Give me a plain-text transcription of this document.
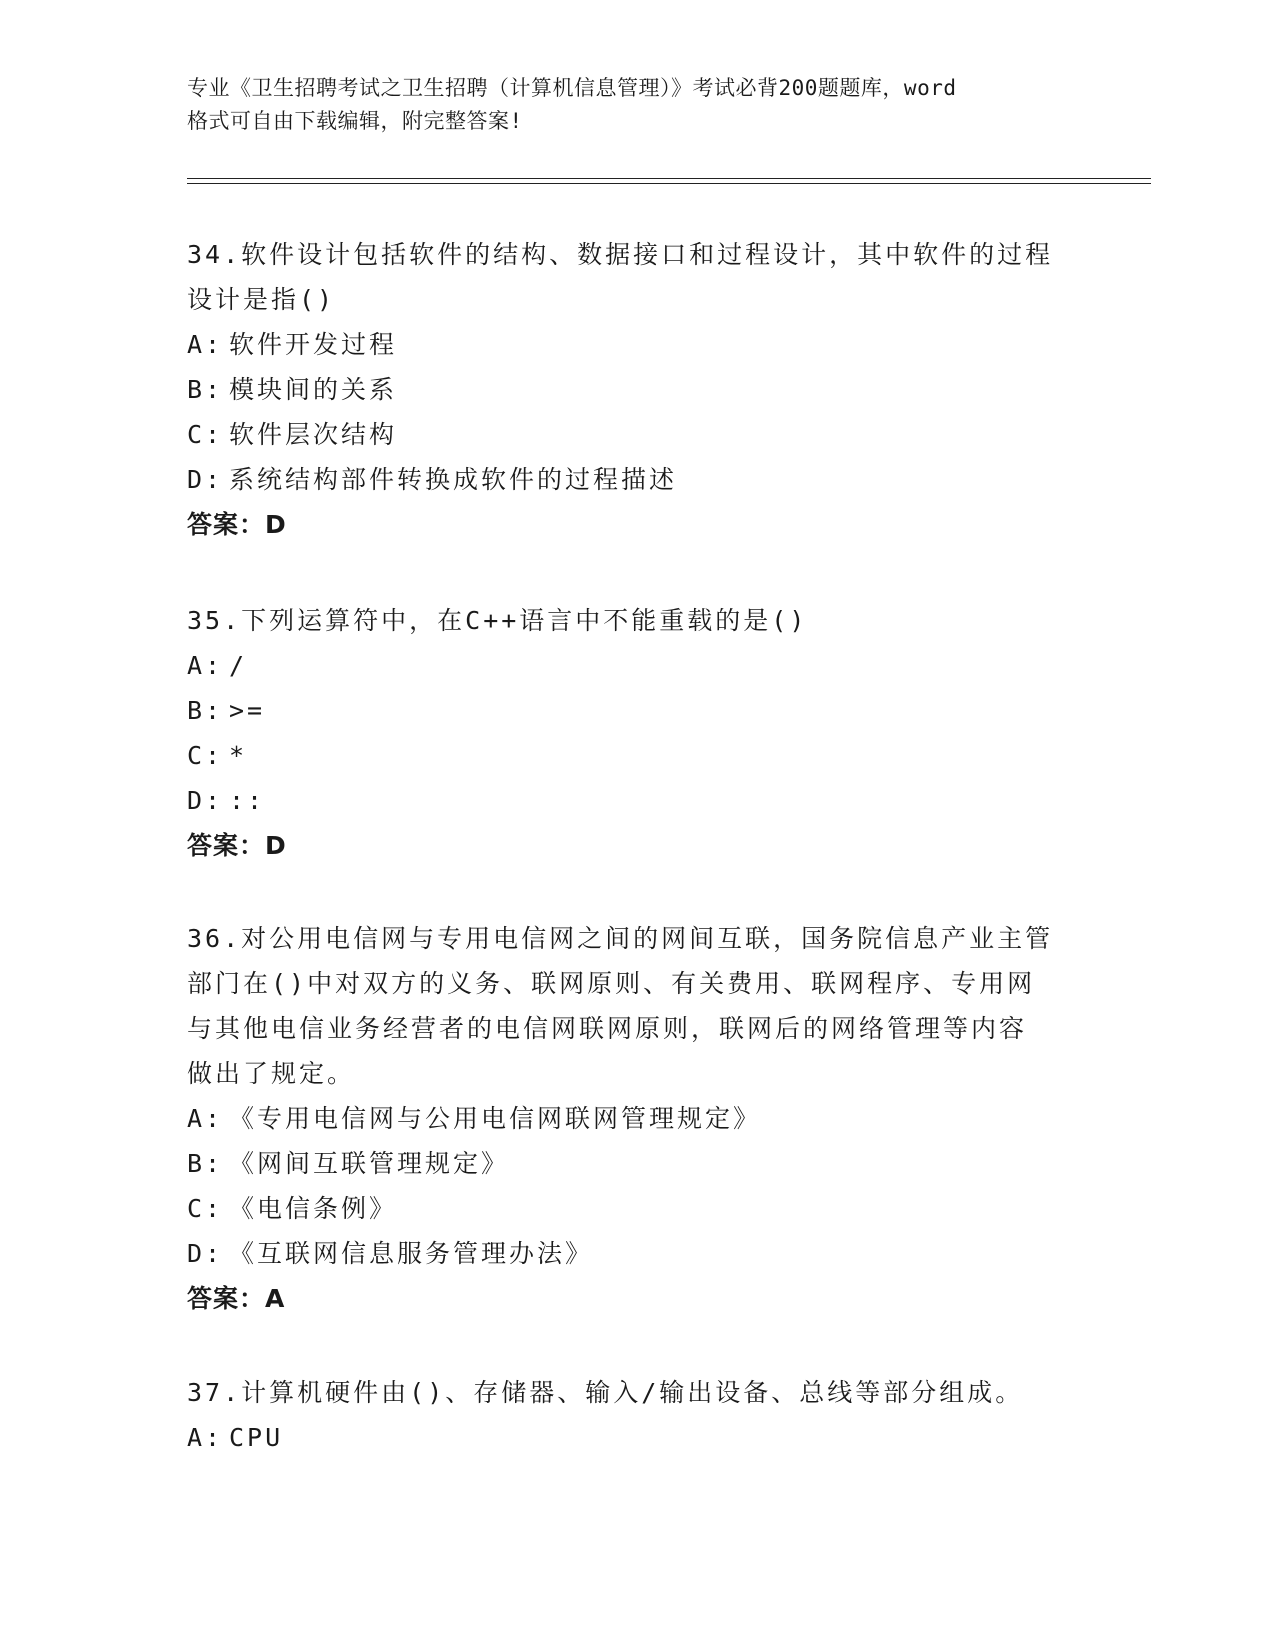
专业《卫生招聘考试之卫生招聘（计算机信息管理）》考试必背200题题库，word
格式可自由下载编辑，附完整答案!
34.软件设计包括软件的结构、数据接口和过程设计，其中软件的过程
设计是指()
A: 软件开发过程
B: 模块间的关系
C: 软件层次结构
D: 系统结构部件转换成软件的过程描述
答案：D
35.下列运算符中，在C++语言中不能重载的是()
A: /
B: >=
C: *
D: ::
答案：D
36.对公用电信网与专用电信网之间的网间互联，国务院信息产业主管
部门在()中对双方的义务、联网原则、有关费用、联网程序、专用网
与其他电信业务经营者的电信网联网原则，联网后的网络管理等内容
做出了规定。
A: 《专用电信网与公用电信网联网管理规定》
B: 《网间互联管理规定》
C: 《电信条例》
D: 《互联网信息服务管理办法》
答案：A
37.计算机硬件由()、存储器、输入/输出设备、总线等部分组成。
A: CPU
